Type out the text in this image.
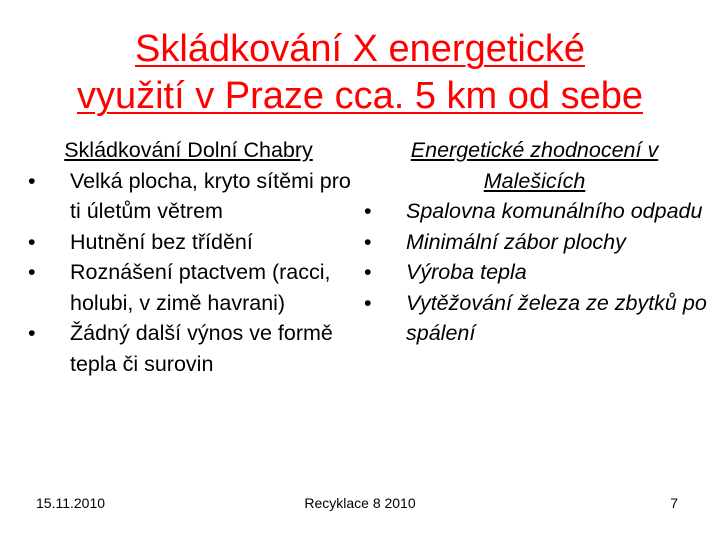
Skládkování X energetické
využití v Praze cca. 5 km od sebe
Skládkování Dolní Chabry
• Velká plocha, kryto sítěmi pro ti úletům větrem
• Hutnění bez třídění
• Roznášení ptactvem (racci, holubi, v zimě havrani)
• Žádný další výnos ve formě tepla či surovin
Energetické zhodnocení v Malešicích
• Spalovna komunálního odpadu
• Minimální zábor plochy
• Výroba tepla
• Vytěžování železa ze zbytků po spálení
15.11.2010	Recyklace 8 2010	7
